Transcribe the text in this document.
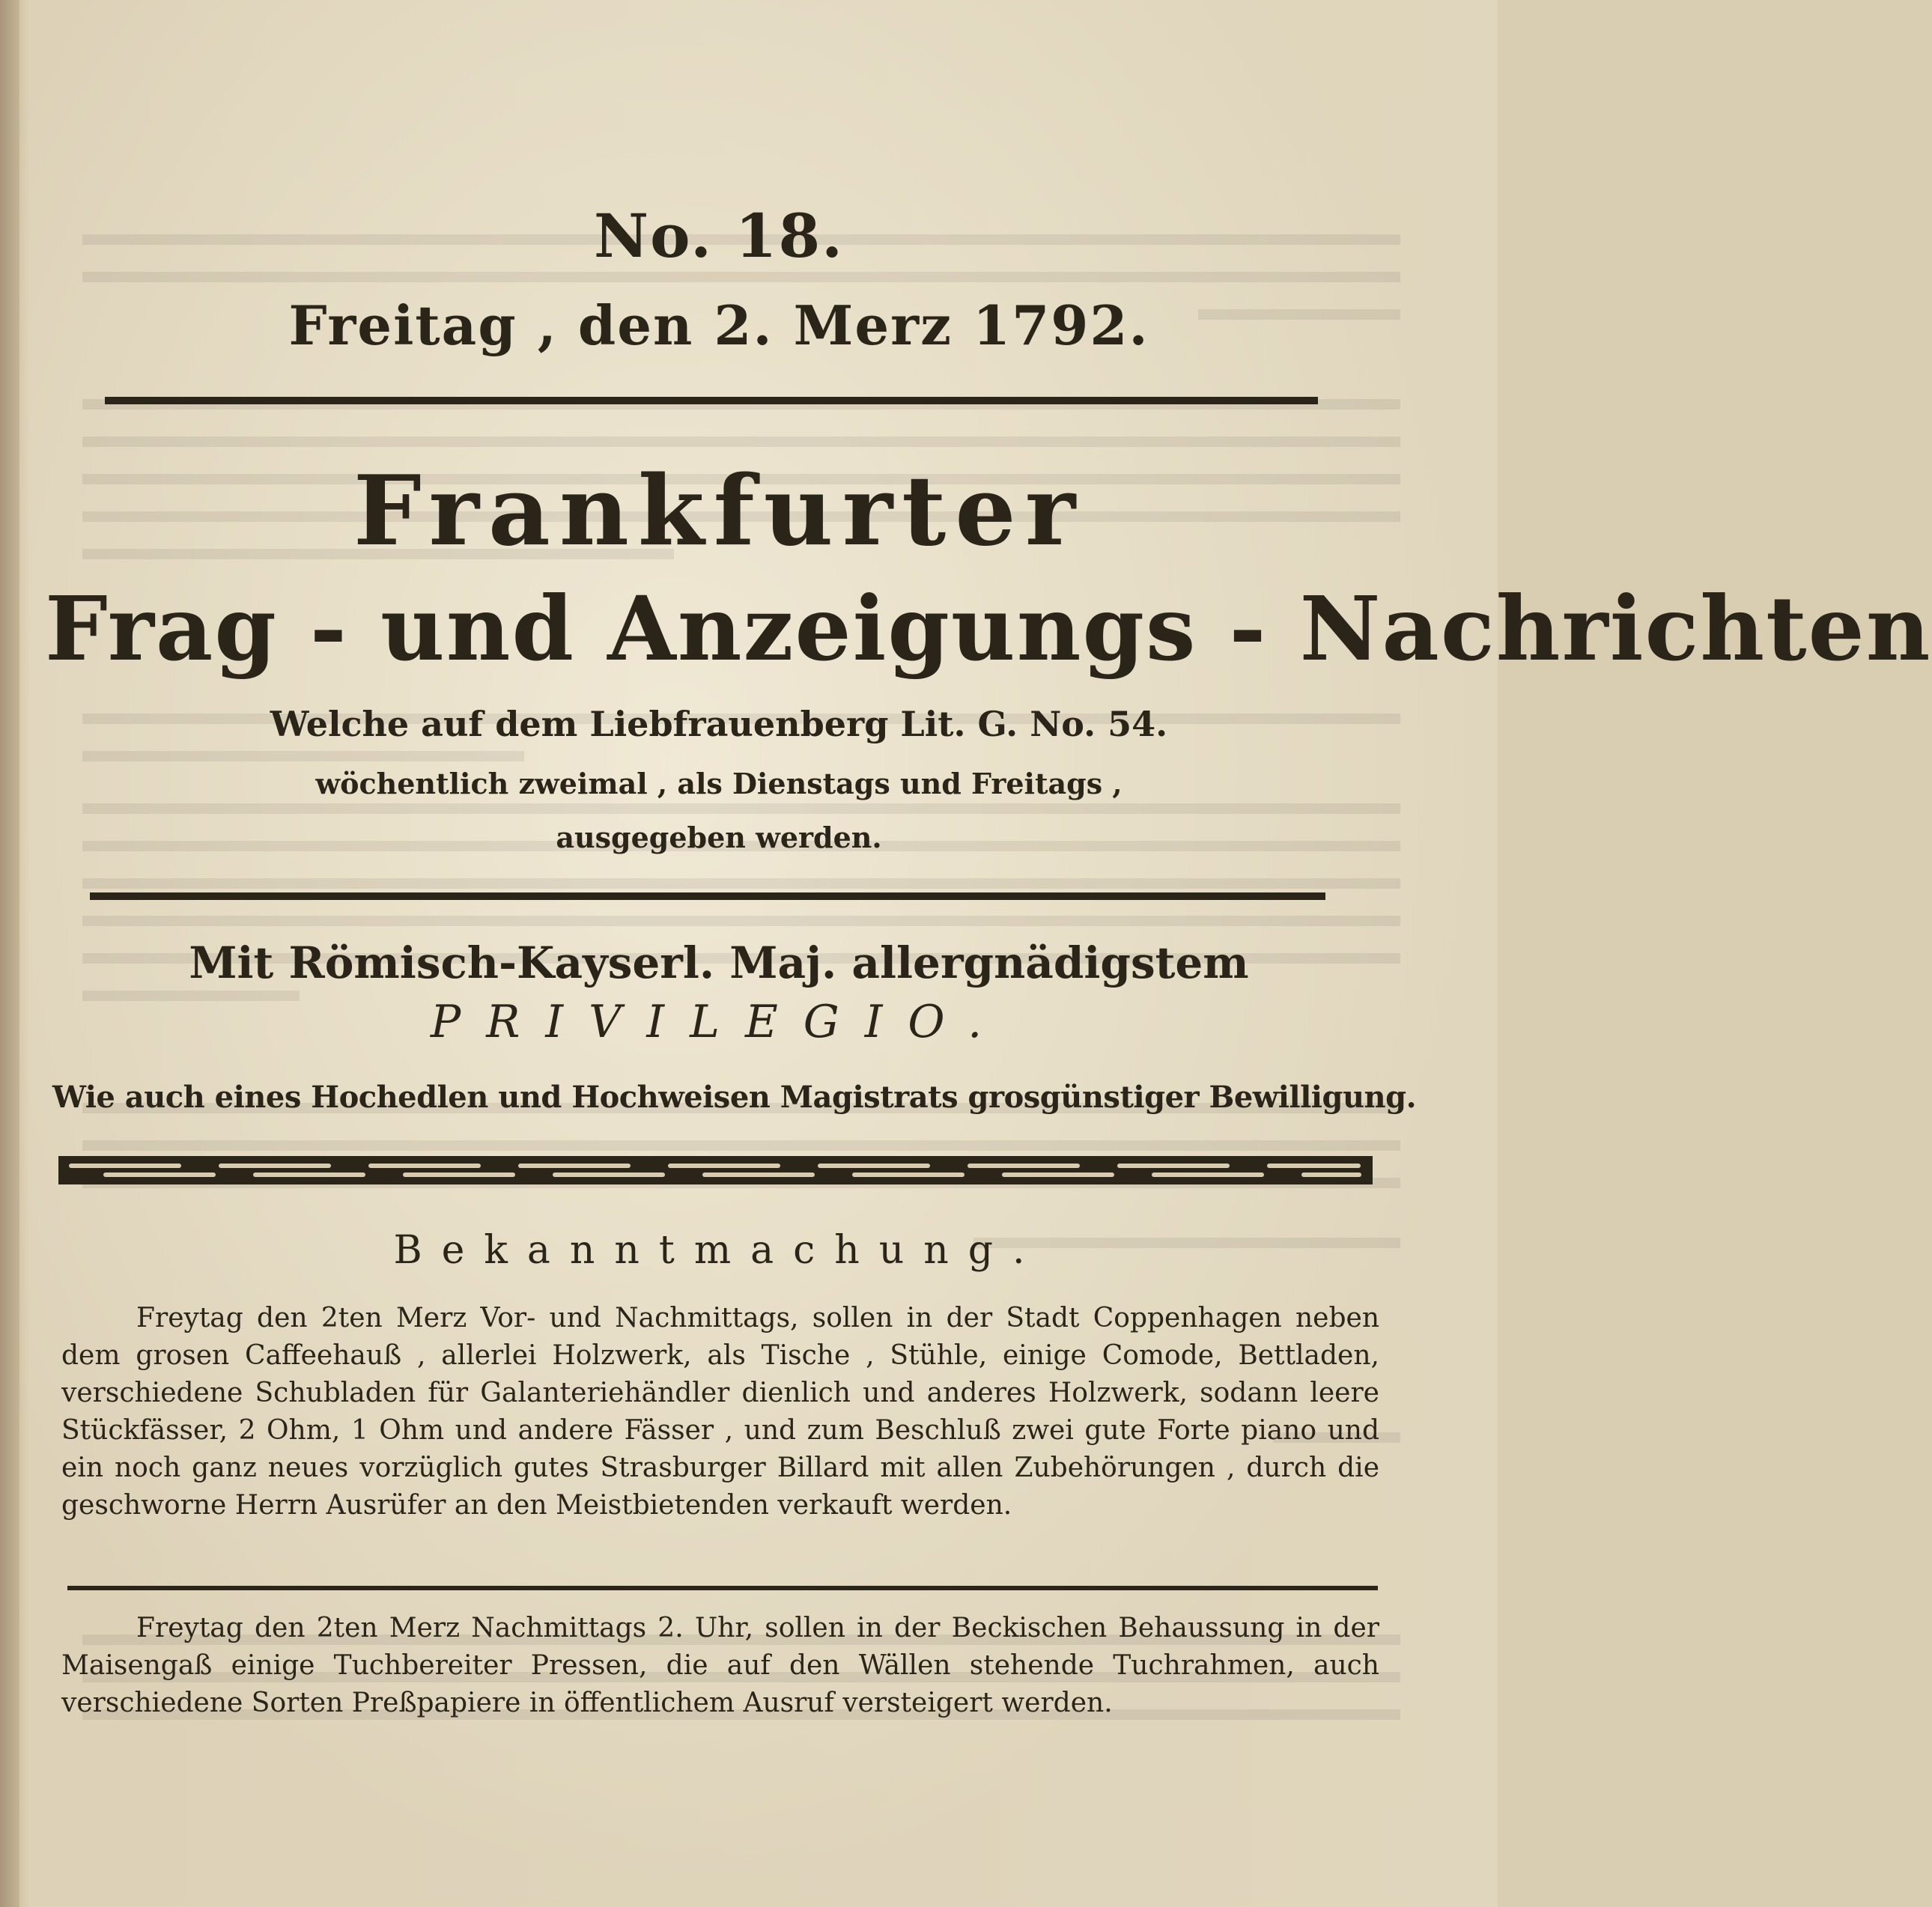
No. 18.
Freitag , den 2. Merz 1792.
Frankfurter
Frag - und Anzeigungs - Nachrichten
Welche auf dem Liebfrauenberg Lit. G. No. 54.
wöchentlich zweimal , als Dienstags und Freitags ,
ausgegeben werden.
Mit Römisch-Kayserl. Maj. allergnädigstem
PRIVILEGIO.
Wie auch eines Hochedlen und Hochweisen Magistrats grosgünstiger Bewilligung.
Bekanntmachung.
Freytag den 2ten Merz Vor- und Nachmittags, sollen in der Stadt Coppenhagen neben dem grosen Caffeehauß , allerlei Holzwerk, als Tische , Stühle, einige Comode, Bettladen, verschiedene Schubladen für Galanteriehändler dienlich und anderes Holzwerk, sodann leere Stückfässer, 2 Ohm, 1 Ohm und andere Fässer , und zum Beschluß zwei gute Forte piano und ein noch ganz neues vorzüglich gutes Strasburger Billard mit allen Zubehörungen , durch die geschworne Herrn Ausrüfer an den Meistbietenden verkauft werden.
Freytag den 2ten Merz Nachmittags 2. Uhr, sollen in der Beckischen Behaussung in der Maisengaß einige Tuchbereiter Pressen, die auf den Wällen stehende Tuchrahmen, auch verschiedene Sorten Preßpapiere in öffentlichem Ausruf versteigert werden.
